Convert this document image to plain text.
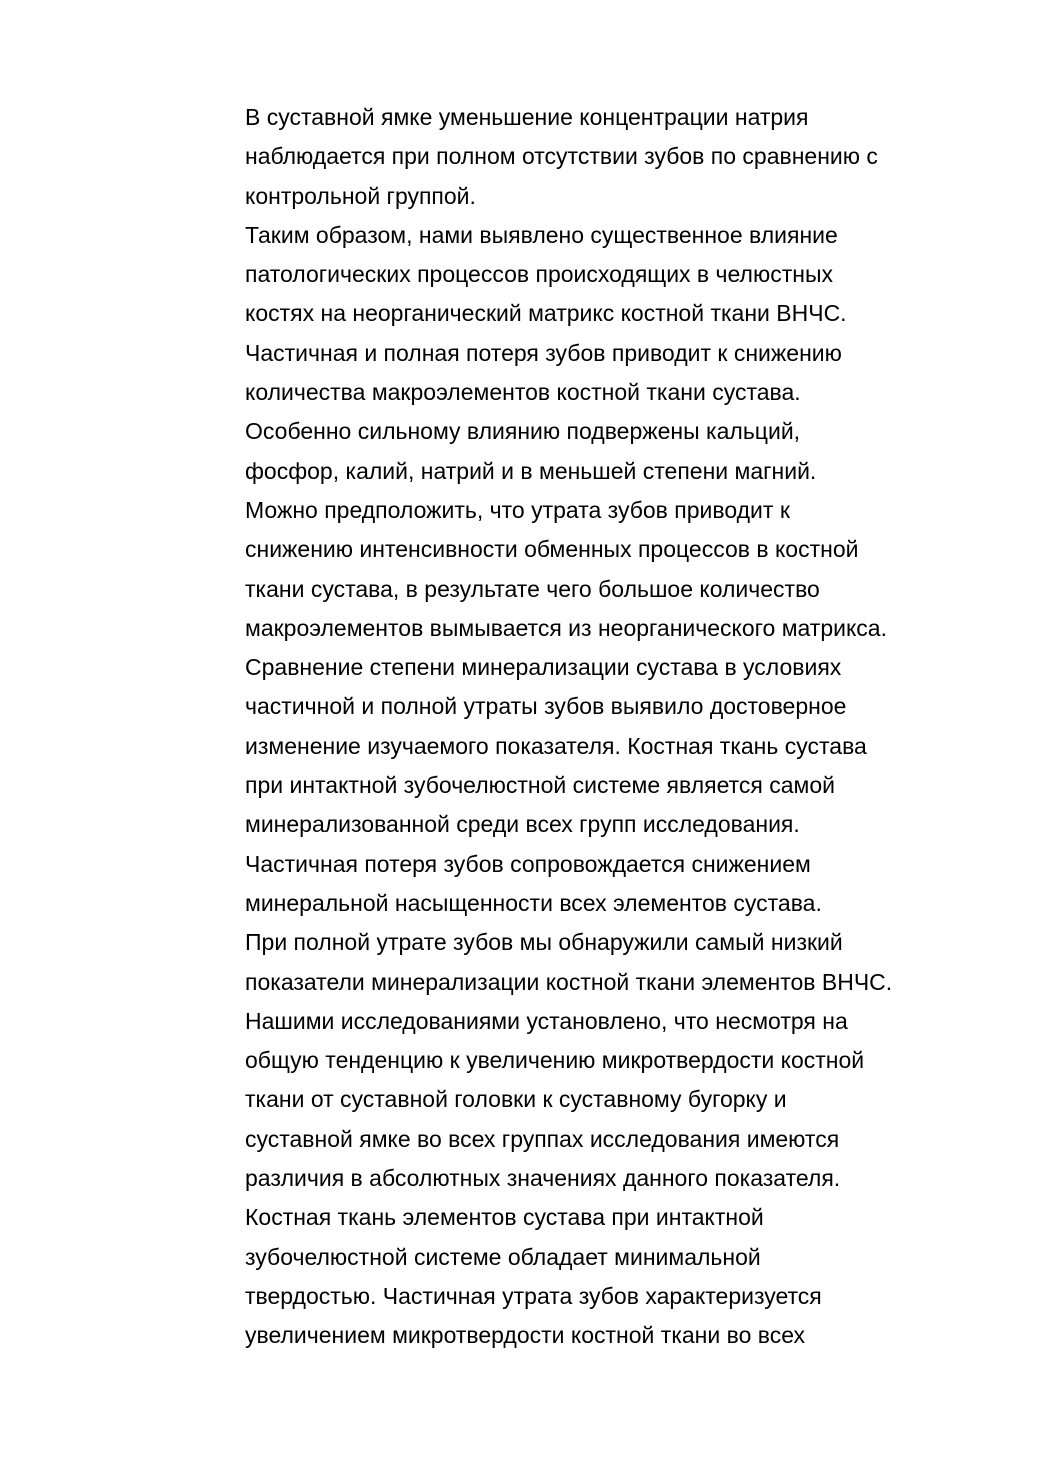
В суставной ямке уменьшение концентрации натрия
наблюдается при полном отсутствии зубов по сравнению с
контрольной группой.
Таким образом, нами выявлено существенное влияние
патологических процессов происходящих в челюстных
костях на неорганический матрикс костной ткани ВНЧС.
Частичная и полная потеря зубов приводит к снижению
количества макроэлементов костной ткани сустава.
Особенно сильному влиянию подвержены кальций,
фосфор, калий, натрий и в меньшей степени магний.
Можно предположить, что утрата зубов приводит к
снижению интенсивности обменных процессов в костной
ткани сустава, в результате чего большое количество
макроэлементов вымывается из неорганического матрикса.
Сравнение степени минерализации сустава в условиях
частичной и полной утраты зубов выявило достоверное
изменение изучаемого показателя. Костная ткань сустава
при интактной зубочелюстной системе является самой
минерализованной среди всех групп исследования.
Частичная потеря зубов сопровождается снижением
минеральной насыщенности всех элементов сустава.
При полной утрате зубов мы обнаружили самый низкий
показатели минерализации костной ткани элементов ВНЧС.
Нашими исследованиями установлено, что несмотря на
общую тенденцию к увеличению микротвердости костной
ткани от суставной головки к суставному бугорку и
суставной ямке во всех группах исследования имеются
различия в абсолютных значениях данного показателя.
Костная ткань элементов сустава при интактной
зубочелюстной системе обладает минимальной
твердостью. Частичная утрата зубов характеризуется
увеличением микротвердости костной ткани во всех
